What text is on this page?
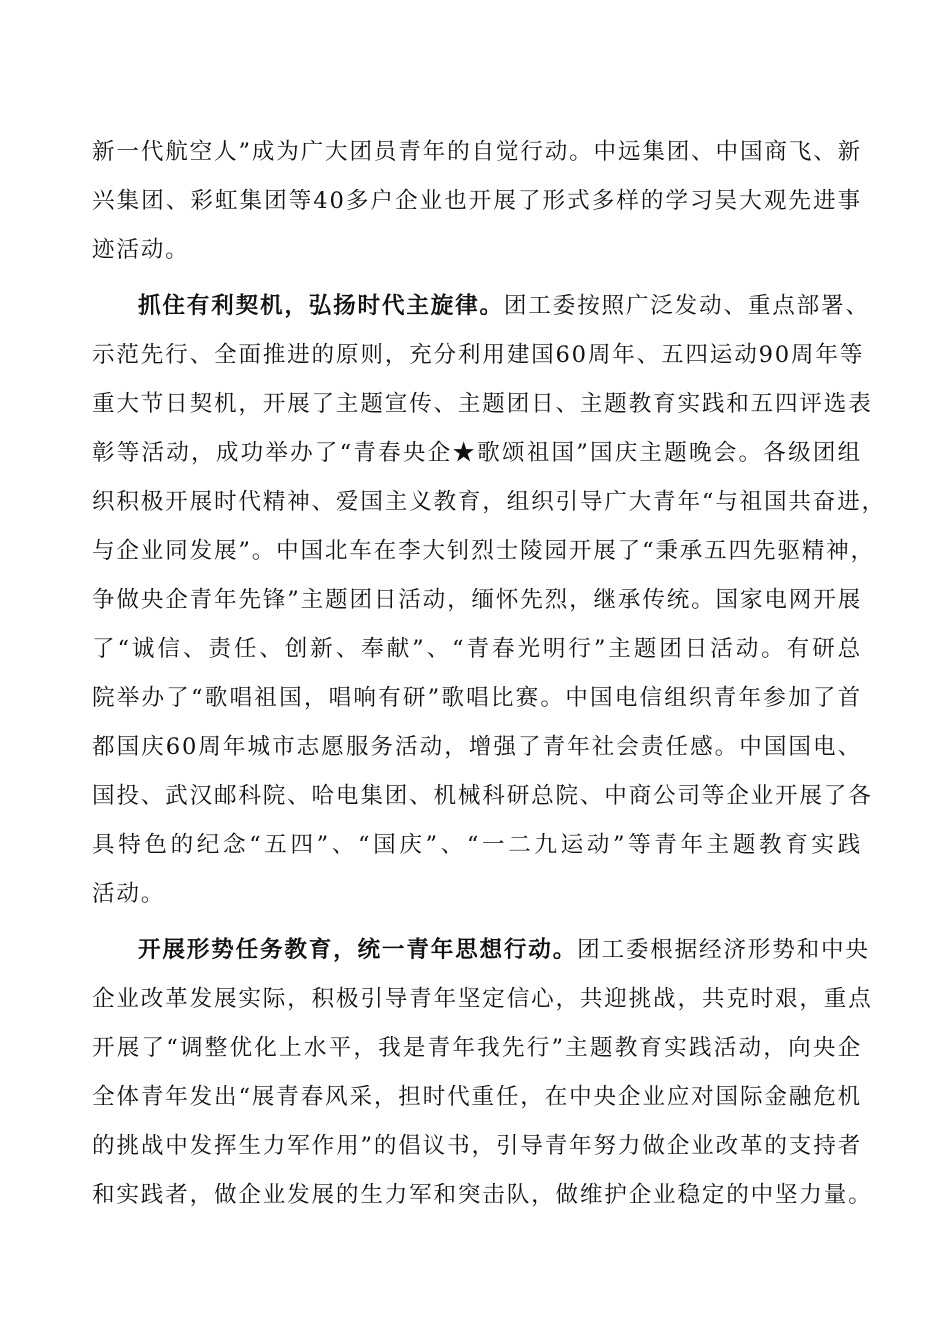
新一代航空人”成为广大团员青年的自觉行动。中远集团、中国商飞、新
兴集团、彩虹集团等40多户企业也开展了形式多样的学习吴大观先进事
迹活动。
抓住有利契机，弘扬时代主旋律。团工委按照广泛发动、重点部署、
示范先行、全面推进的原则，充分利用建国60周年、五四运动90周年等
重大节日契机，开展了主题宣传、主题团日、主题教育实践和五四评选表
彰等活动，成功举办了“青春央企★歌颂祖国”国庆主题晚会。各级团组
织积极开展时代精神、爱国主义教育，组织引导广大青年“与祖国共奋进，
与企业同发展”。中国北车在李大钊烈士陵园开展了“秉承五四先驱精神，
争做央企青年先锋”主题团日活动，缅怀先烈，继承传统。国家电网开展
了“诚信、责任、创新、奉献”、“青春光明行”主题团日活动。有研总
院举办了“歌唱祖国，唱响有研”歌唱比赛。中国电信组织青年参加了首
都国庆60周年城市志愿服务活动，增强了青年社会责任感。中国国电、
国投、武汉邮科院、哈电集团、机械科研总院、中商公司等企业开展了各
具特色的纪念“五四”、“国庆”、“一二九运动”等青年主题教育实践
活动。
开展形势任务教育，统一青年思想行动。团工委根据经济形势和中央
企业改革发展实际，积极引导青年坚定信心，共迎挑战，共克时艰，重点
开展了“调整优化上水平，我是青年我先行”主题教育实践活动，向央企
全体青年发出“展青春风采，担时代重任，在中央企业应对国际金融危机
的挑战中发挥生力军作用”的倡议书，引导青年努力做企业改革的支持者
和实践者，做企业发展的生力军和突击队，做维护企业稳定的中坚力量。
